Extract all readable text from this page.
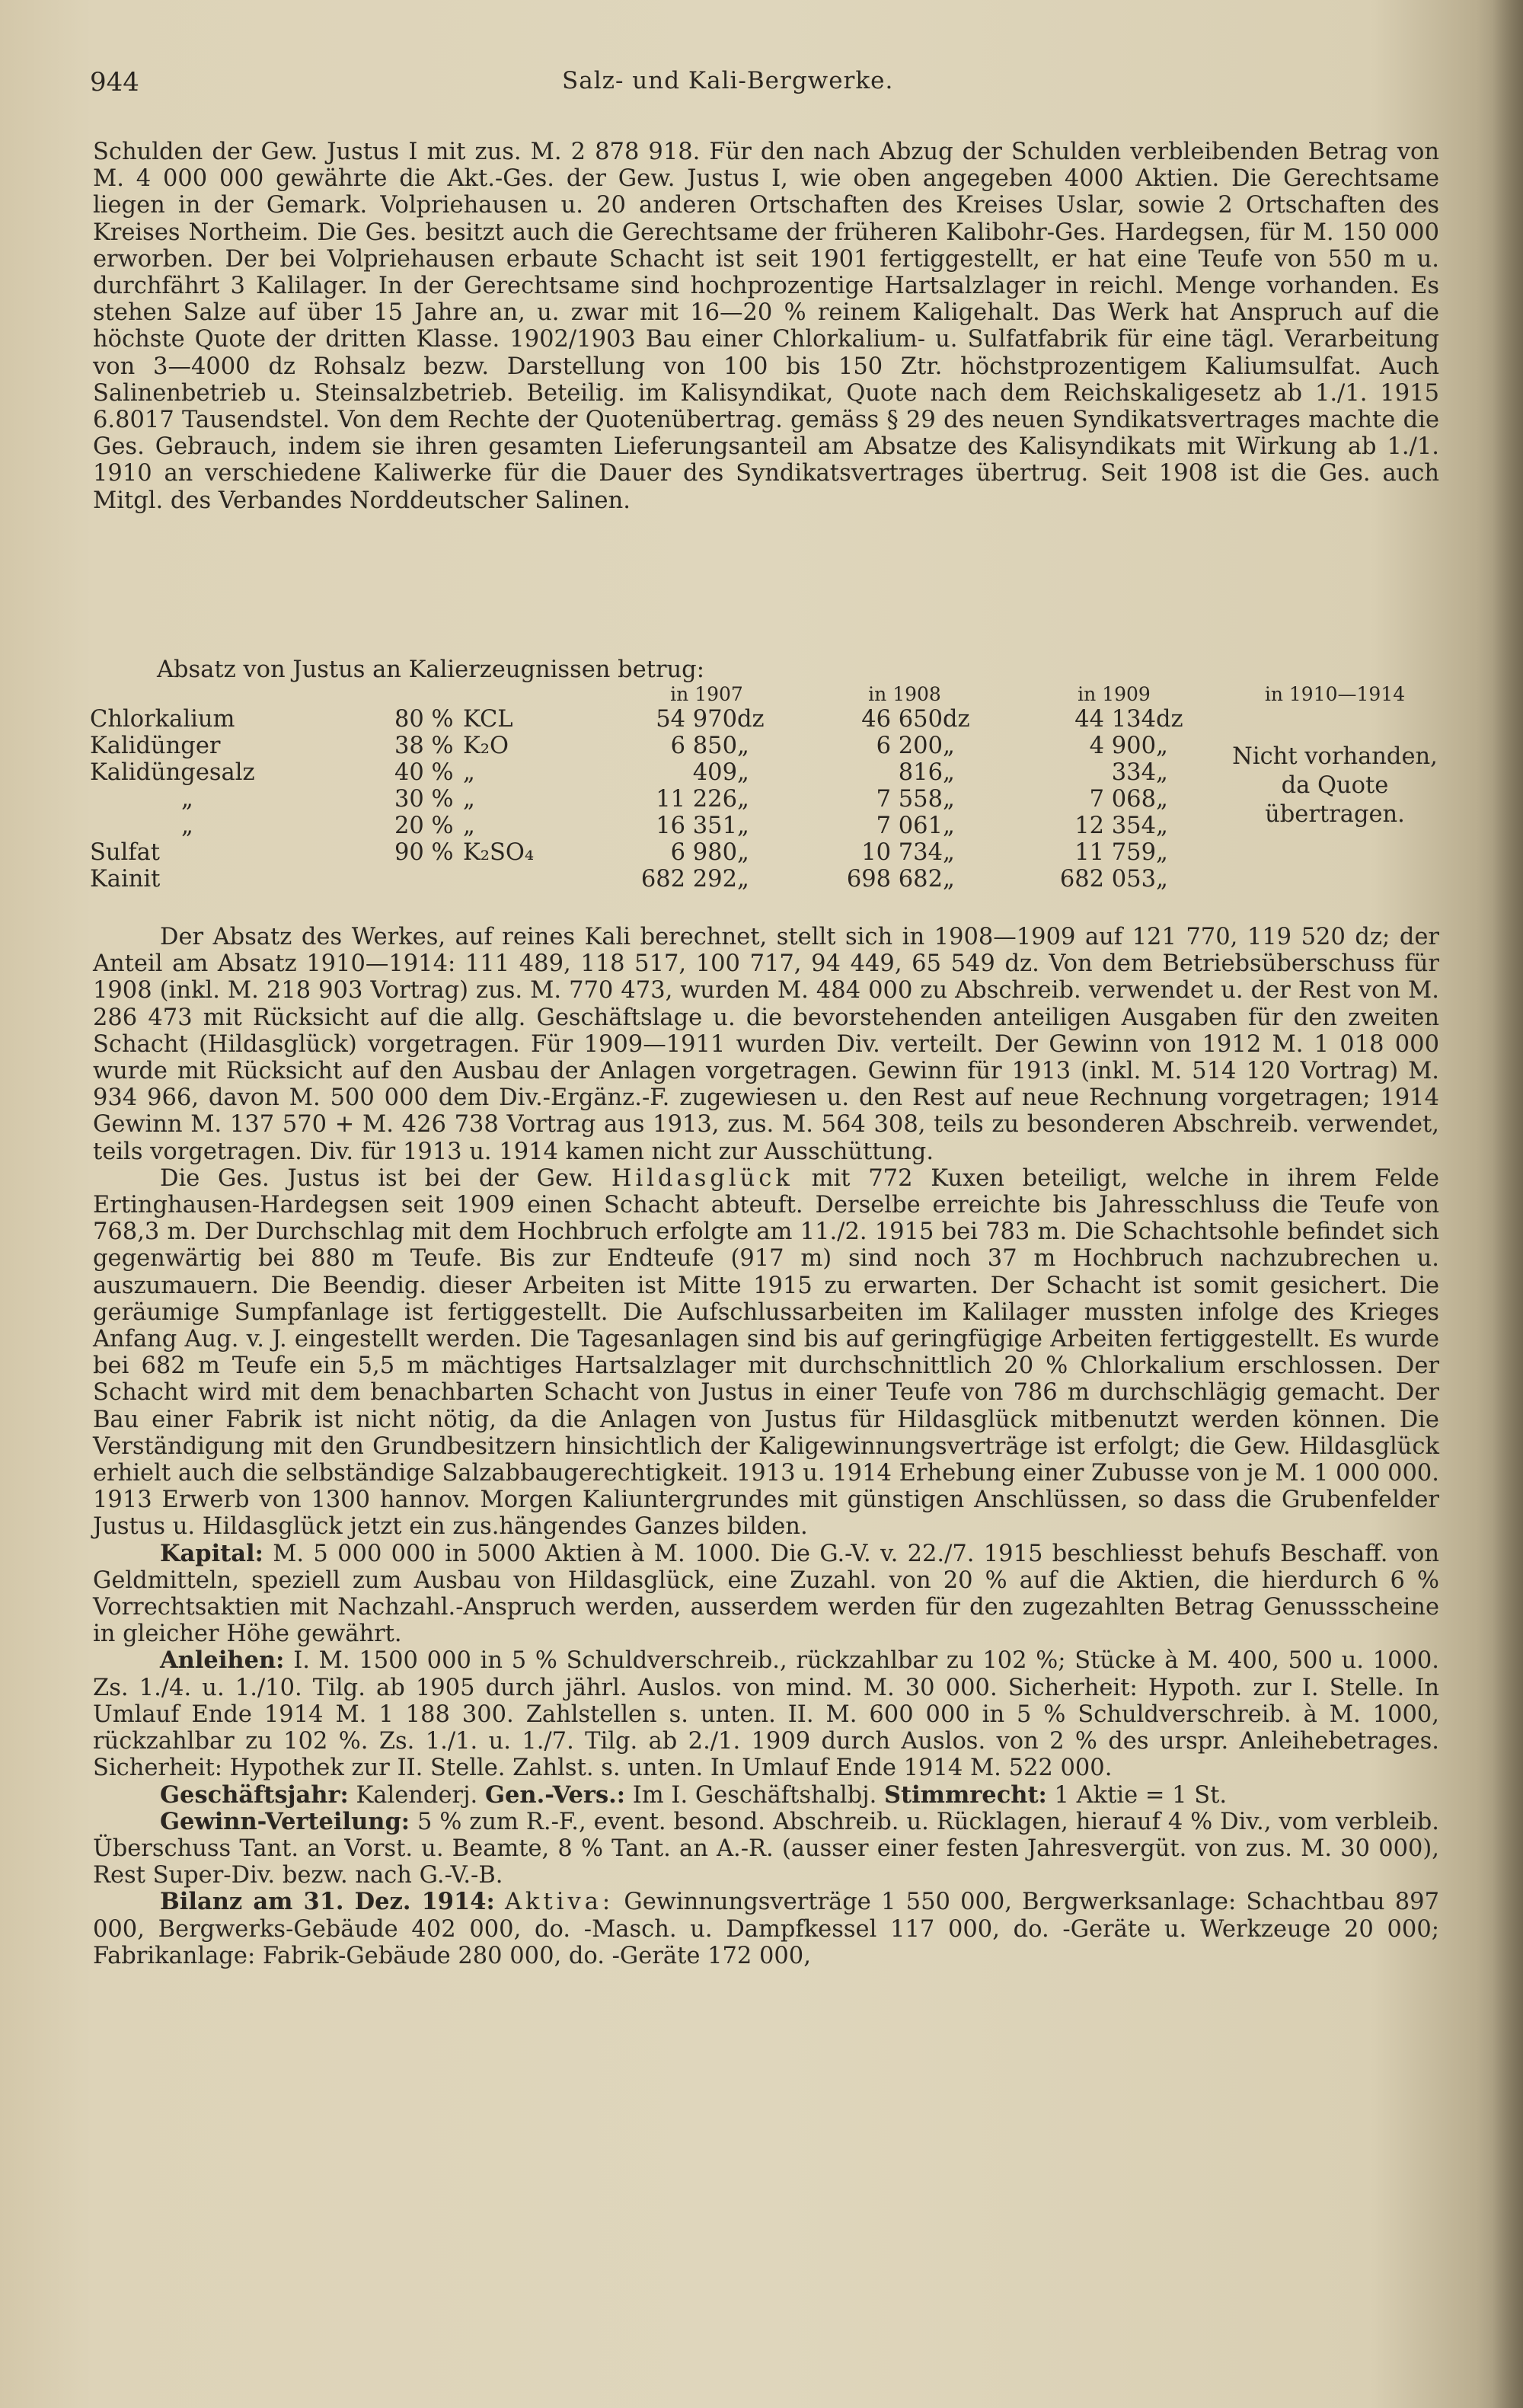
944	Salz- und Kali-Bergwerke.

Schulden der Gew. Justus I mit zus. M. 2 878 918. Für den nach Abzug der Schulden verbleibenden Betrag von M. 4 000 000 gewährte die Akt.-Ges. der Gew. Justus I, wie oben angegeben 4000 Aktien. Die Gerechtsame liegen in der Gemark. Volpriehausen u. 20 anderen Ortschaften des Kreises Uslar, sowie 2 Ortschaften des Kreises Northeim. Die Ges. besitzt auch die Gerechtsame der früheren Kalibohr-Ges. Hardegsen, für M. 150 000 erworben. Der bei Volpriehausen erbaute Schacht ist seit 1901 fertiggestellt, er hat eine Teufe von 550 m u. durchfährt 3 Kalilager. In der Gerechtsame sind hochprozentige Hartsalzlager in reichl. Menge vorhanden. Es stehen Salze auf über 15 Jahre an, u. zwar mit 16—20 % reinem Kaligehalt. Das Werk hat Anspruch auf die höchste Quote der dritten Klasse. 1902/1903 Bau einer Chlorkalium- u. Sulfatfabrik für eine tägl. Verarbeitung von 3—4000 dz Rohsalz bezw. Darstellung von 100 bis 150 Ztr. höchstprozentigem Kaliumsulfat. Auch Salinenbetrieb u. Steinsalzbetrieb. Beteilig. im Kalisyndikat, Quote nach dem Reichskaligesetz ab 1./1. 1915 6.8017 Tausendstel. Von dem Rechte der Quotenübertrag. gemäss § 29 des neuen Syndikatsvertrages machte die Ges. Gebrauch, indem sie ihren gesamten Lieferungsanteil am Absatze des Kalisyndikats mit Wirkung ab 1./1. 1910 an verschiedene Kaliwerke für die Dauer des Syndikatsvertrages übertrug. Seit 1908 ist die Ges. auch Mitgl. des Verbandes Norddeutscher Salinen.

Absatz von Justus an Kalierzeugnissen betrug:
			in 1907		in 1908		in 1909		in 1910—1914
Chlorkalium	80 %	KCL	54 970	dz	46 650	dz	44 134	dz	
Kalidünger	38 %	K₂O	6 850	„	6 200	„	4 900	„	Nicht vorhanden, da Quote übertragen.
Kalidüngesalz	40 %	„	409	„	816	„	334	„	
„	30 %	„	11 226	„	7 558	„	7 068	„	
„	20 %	„	16 351	„	7 061	„	12 354	„	
Sulfat	90 %	K₂SO₄	6 980	„	10 734	„	11 759	„	
Kainit			682 292	„	698 682	„	682 053	„	

Der Absatz des Werkes, auf reines Kali berechnet, stellt sich in 1908—1909 auf 121 770, 119 520 dz; der Anteil am Absatz 1910—1914: 111 489, 118 517, 100 717, 94 449, 65 549 dz. Von dem Betriebsüberschuss für 1908 (inkl. M. 218 903 Vortrag) zus. M. 770 473, wurden M. 484 000 zu Abschreib. verwendet u. der Rest von M. 286 473 mit Rücksicht auf die allg. Geschäftslage u. die bevorstehenden anteiligen Ausgaben für den zweiten Schacht (Hildasglück) vorgetragen. Für 1909—1911 wurden Div. verteilt. Der Gewinn von 1912 M. 1 018 000 wurde mit Rücksicht auf den Ausbau der Anlagen vorgetragen. Gewinn für 1913 (inkl. M. 514 120 Vortrag) M. 934 966, davon M. 500 000 dem Div.-Ergänz.-F. zugewiesen u. den Rest auf neue Rechnung vorgetragen; 1914 Gewinn M. 137 570 + M. 426 738 Vortrag aus 1913, zus. M. 564 308, teils zu besonderen Abschreib. verwendet, teils vorgetragen. Div. für 1913 u. 1914 kamen nicht zur Ausschüttung.

Die Ges. Justus ist bei der Gew. Hildasglück mit 772 Kuxen beteiligt, welche in ihrem Felde Ertinghausen-Hardegsen seit 1909 einen Schacht abteuft. Derselbe erreichte bis Jahresschluss die Teufe von 768,3 m. Der Durchschlag mit dem Hochbruch erfolgte am 11./2. 1915 bei 783 m. Die Schachtsohle befindet sich gegenwärtig bei 880 m Teufe. Bis zur Endteufe (917 m) sind noch 37 m Hochbruch nachzubrechen u. auszumauern. Die Beendig. dieser Arbeiten ist Mitte 1915 zu erwarten. Der Schacht ist somit gesichert. Die geräumige Sumpfanlage ist fertiggestellt. Die Aufschlussarbeiten im Kalilager mussten infolge des Krieges Anfang Aug. v. J. eingestellt werden. Die Tagesanlagen sind bis auf geringfügige Arbeiten fertiggestellt. Es wurde bei 682 m Teufe ein 5,5 m mächtiges Hartsalzlager mit durchschnittlich 20 % Chlorkalium erschlossen. Der Schacht wird mit dem benachbarten Schacht von Justus in einer Teufe von 786 m durchschlägig gemacht. Der Bau einer Fabrik ist nicht nötig, da die Anlagen von Justus für Hildasglück mitbenutzt werden können. Die Verständigung mit den Grundbesitzern hinsichtlich der Kaligewinnungsverträge ist erfolgt; die Gew. Hildasglück erhielt auch die selbständige Salzabbaugerechtigkeit. 1913 u. 1914 Erhebung einer Zubusse von je M. 1 000 000. 1913 Erwerb von 1300 hannov. Morgen Kaliuntergrundes mit günstigen Anschlüssen, so dass die Grubenfelder Justus u. Hildasglück jetzt ein zus.hängendes Ganzes bilden.

Kapital: M. 5 000 000 in 5000 Aktien à M. 1000. Die G.-V. v. 22./7. 1915 beschliesst behufs Beschaff. von Geldmitteln, speziell zum Ausbau von Hildasglück, eine Zuzahl. von 20 % auf die Aktien, die hierdurch 6 % Vorrechtsaktien mit Nachzahl.-Anspruch werden, ausserdem werden für den zugezahlten Betrag Genussscheine in gleicher Höhe gewährt.

Anleihen: I. M. 1500 000 in 5 % Schuldverschreib., rückzahlbar zu 102 %; Stücke à M. 400, 500 u. 1000. Zs. 1./4. u. 1./10. Tilg. ab 1905 durch jährl. Auslos. von mind. M. 30 000. Sicherheit: Hypoth. zur I. Stelle. In Umlauf Ende 1914 M. 1 188 300. Zahlstellen s. unten. II. M. 600 000 in 5 % Schuldverschreib. à M. 1000, rückzahlbar zu 102 %. Zs. 1./1. u. 1./7. Tilg. ab 2./1. 1909 durch Auslos. von 2 % des urspr. Anleihebetrages. Sicherheit: Hypothek zur II. Stelle. Zahlst. s. unten. In Umlauf Ende 1914 M. 522 000.

Geschäftsjahr: Kalenderj. Gen.-Vers.: Im I. Geschäftshalbj. Stimmrecht: 1 Aktie = 1 St.

Gewinn-Verteilung: 5 % zum R.-F., event. besond. Abschreib. u. Rücklagen, hierauf 4 % Div., vom verbleib. Überschuss Tant. an Vorst. u. Beamte, 8 % Tant. an A.-R. (ausser einer festen Jahresvergüt. von zus. M. 30 000), Rest Super-Div. bezw. nach G.-V.-B.

Bilanz am 31. Dez. 1914: Aktiva: Gewinnungsverträge 1 550 000, Bergwerksanlage: Schachtbau 897 000, Bergwerks-Gebäude 402 000, do. -Masch. u. Dampfkessel 117 000, do. -Geräte u. Werkzeuge 20 000; Fabrikanlage: Fabrik-Gebäude 280 000, do. -Geräte 172 000,
